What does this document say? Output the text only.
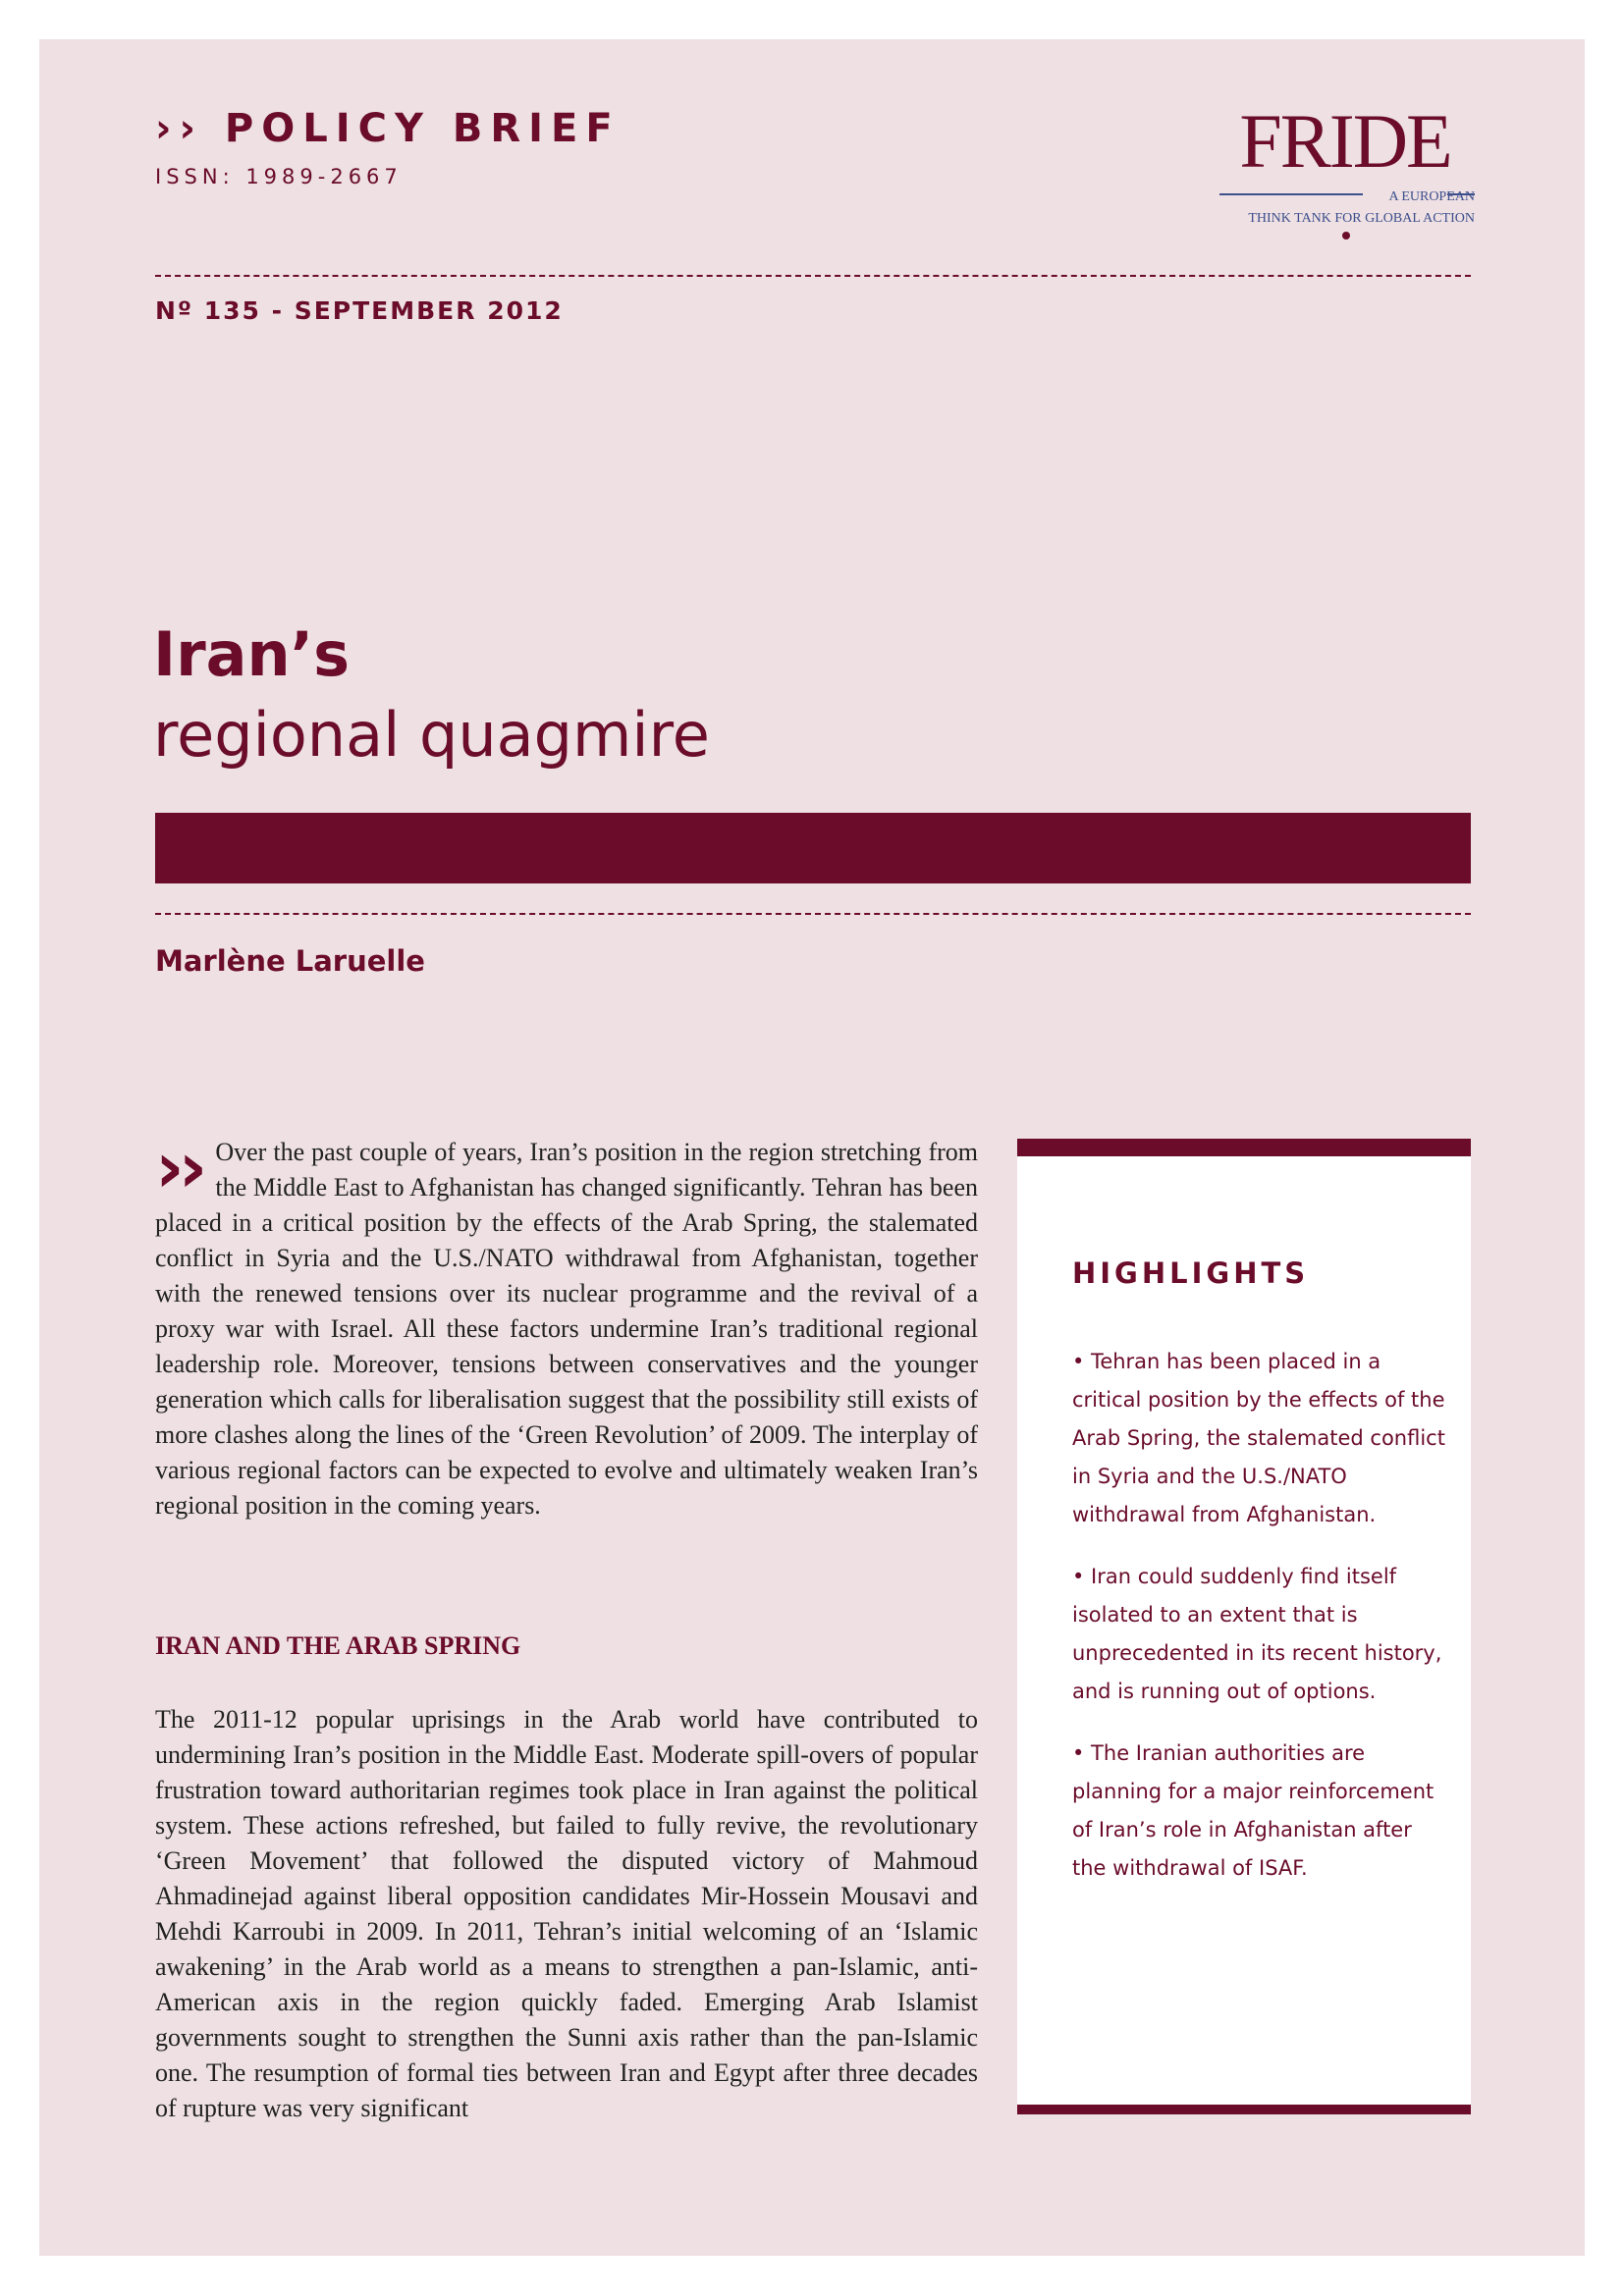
›› POLICY BRIEF
ISSN: 1989-2667	FRIDE
A EUROPEAN
THINK TANK FOR GLOBAL ACTION
Nº 135 - SEPTEMBER 2012
Iran’s
regional quagmire
Marlène Laruelle
›› Over the past couple of years, Iran’s position in the region stretching from the Middle East to Afghanistan has changed significantly. Tehran has been placed in a critical position by the effects of the Arab Spring, the stalemated conflict in Syria and the U.S./NATO withdrawal from Afghanistan, together with the renewed tensions over its nuclear programme and the revival of a proxy war with Israel. All these factors undermine Iran’s traditional regional leadership role. Moreover, tensions between conservatives and the younger generation which calls for liberalisation suggest that the possibility still exists of more clashes along the lines of the ‘Green Revolution’ of 2009. The interplay of various regional factors can be expected to evolve and ultimately weaken Iran’s regional position in the coming years.
IRAN AND THE ARAB SPRING
The 2011-12 popular uprisings in the Arab world have contributed to undermining Iran’s position in the Middle East. Moderate spill-overs of popular frustration toward authoritarian regimes took place in Iran against the political system. These actions refreshed, but failed to fully revive, the revolutionary ‘Green Movement’ that followed the disputed victory of Mahmoud Ahmadinejad against liberal opposition candidates Mir-Hossein Mousavi and Mehdi Karroubi in 2009. In 2011, Tehran’s initial welcoming of an ‘Islamic awakening’ in the Arab world as a means to strengthen a pan-Islamic, anti-American axis in the region quickly faded. Emerging Arab Islamist governments sought to strengthen the Sunni axis rather than the pan-Islamic one. The resumption of formal ties between Iran and Egypt after three decades of rupture was very significant
HIGHLIGHTS
• Tehran has been placed in a critical position by the effects of the Arab Spring, the stalemated conflict in Syria and the U.S./NATO withdrawal from Afghanistan.
• Iran could suddenly find itself isolated to an extent that is unprecedented in its recent history, and is running out of options.
• The Iranian authorities are planning for a major reinforcement of Iran’s role in Afghanistan after the withdrawal of ISAF.
